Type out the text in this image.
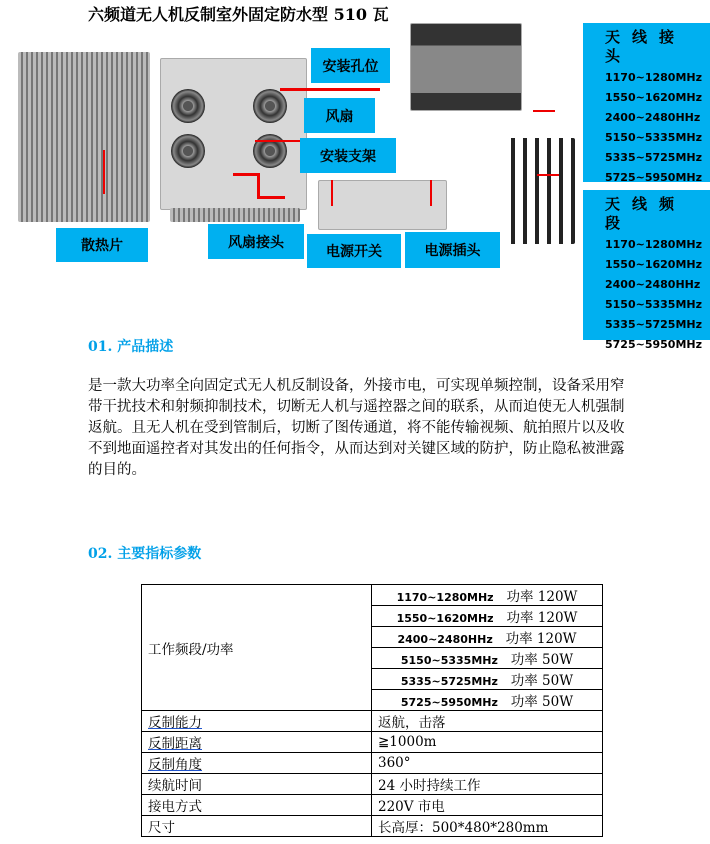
六频道无人机反制室外固定防水型 510 瓦
安装孔位
风扇
安装支架
散热片	风扇接头
电源开关	电源插头
天线接头
1170~1280MHz
1550~1620MHz
2400~2480HHz
5150~5335MHz
5335~5725MHz
5725~5950MHz
天线频段
1170~1280MHz
1550~1620MHz
2400~2480HHz
5150~5335MHz
5335~5725MHz
5725~5950MHz
01. 产品描述
是一款大功率全向固定式无人机反制设备，外接市电，可实现单频控制，设备采用窄带干扰技术和射频抑制技术，切断无人机与遥控器之间的联系，从而迫使无人机强制返航。且无人机在受到管制后，切断了图传通道，将不能传输视频、航拍照片以及收不到地面遥控者对其发出的任何指令，从而达到对关键区域的防护，防止隐私被泄露的目的。
02. 主要指标参数
工作频段/功率	1170~1280MHz 功率 120W
	1550~1620MHz 功率 120W
	2400~2480HHz 功率 120W
	5150~5335MHz 功率 50W
	5335~5725MHz 功率 50W
	5725~5950MHz 功率 50W
反制能力	返航，击落
反制距离	≧1000m
反制角度	360°
续航时间	24 小时持续工作
接电方式	220V 市电
尺寸	长高厚：500*480*280mm
